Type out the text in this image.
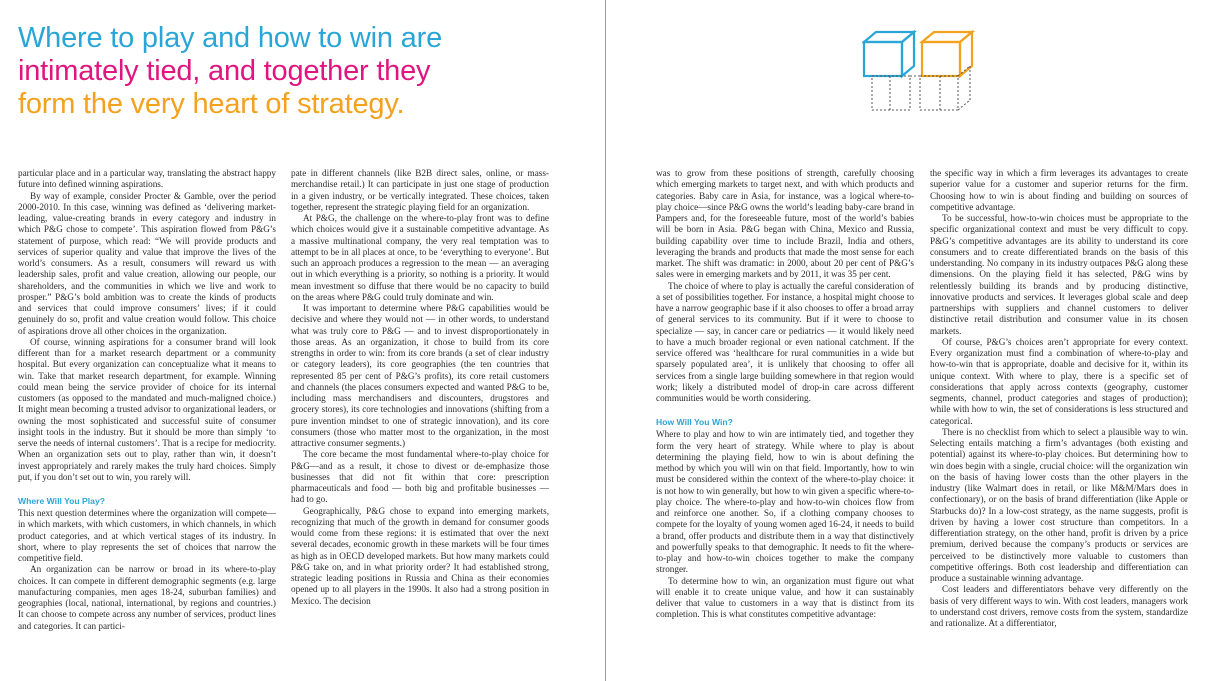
Where to play and how to win are
intimately tied, and together they
form the very heart of strategy.

particular place and in a particular way, translating the abstract happy future into defined winning aspirations.

By way of example, consider Procter & Gamble, over the period 2000-2010. In this case, winning was defined as ‘delivering market-leading, value-creating brands in every category and industry in which P&G chose to compete’. This aspiration flowed from P&G’s statement of purpose, which read: “We will provide products and services of superior quality and value that improve the lives of the world’s consumers. As a result, consumers will reward us with leadership sales, profit and value creation, allowing our people, our shareholders, and the communities in which we live and work to prosper.” P&G’s bold ambition was to create the kinds of products and services that could improve consumers’ lives; if it could genuinely do so, profit and value creation would follow. This choice of aspirations drove all other choices in the organization.

Of course, winning aspirations for a consumer brand will look different than for a market research department or a community hospital. But every organization can conceptualize what it means to win. Take that market research department, for example. Winning could mean being the service provider of choice for its internal customers (as opposed to the mandated and much-maligned choice.) It might mean becoming a trusted advisor to organizational leaders, or owning the most sophisticated and successful suite of consumer insight tools in the industry. But it should be more than simply ‘to serve the needs of internal customers’. That is a recipe for mediocrity. When an organization sets out to play, rather than win, it doesn’t invest appropriately and rarely makes the truly hard choices. Simply put, if you don’t set out to win, you rarely will.

Where Will You Play?

This next question determines where the organization will compete—in which markets, with which customers, in which channels, in which product categories, and at which vertical stages of its industry. In short, where to play represents the set of choices that narrow the competitive field.

An organization can be narrow or broad in its where-to-play choices. It can compete in different demographic segments (e.g. large manufacturing companies, men ages 18-24, suburban families) and geographies (local, national, international, by regions and countries.) It can choose to compete across any number of services, product lines and categories. It can partici-

pate in different channels (like B2B direct sales, online, or mass-merchandise retail.) It can participate in just one stage of production in a given industry, or be vertically integrated. These choices, taken together, represent the strategic playing field for an organization.

At P&G, the challenge on the where-to-play front was to define which choices would give it a sustainable competitive advantage. As a massive multinational company, the very real temptation was to attempt to be in all places at once, to be ‘everything to everyone’. But such an approach produces a regression to the mean — an averaging out in which everything is a priority, so nothing is a priority. It would mean investment so diffuse that there would be no capacity to build on the areas where P&G could truly dominate and win.

It was important to determine where P&G capabilities would be decisive and where they would not — in other words, to understand what was truly core to P&G — and to invest disproportionately in those areas. As an organization, it chose to build from its core strengths in order to win: from its core brands (a set of clear industry or category leaders), its core geographies (the ten countries that represented 85 per cent of P&G’s profits), its core retail customers and channels (the places consumers expected and wanted P&G to be, including mass merchandisers and discounters, drugstores and grocery stores), its core technologies and innovations (shifting from a pure invention mindset to one of strategic innovation), and its core consumers (those who matter most to the organization, in the most attractive consumer segments.)

The core became the most fundamental where-to-play choice for P&G—and as a result, it chose to divest or de-emphasize those businesses that did not fit within that core: prescription pharmaceuticals and food — both big and profitable businesses — had to go.

Geographically, P&G chose to expand into emerging markets, recognizing that much of the growth in demand for consumer goods would come from these regions: it is estimated that over the next several decades, economic growth in these markets will be four times as high as in OECD developed markets. But how many markets could P&G take on, and in what priority order? It had established strong, strategic leading positions in Russia and China as their economies opened up to all players in the 1990s. It also had a strong position in Mexico. The decision

was to grow from these positions of strength, carefully choosing which emerging markets to target next, and with which products and categories. Baby care in Asia, for instance, was a logical where-to-play choice—since P&G owns the world’s leading baby-care brand in Pampers and, for the foreseeable future, most of the world’s babies will be born in Asia. P&G began with China, Mexico and Russia, building capability over time to include Brazil, India and others, leveraging the brands and products that made the most sense for each market. The shift was dramatic: in 2000, about 20 per cent of P&G’s sales were in emerging markets and by 2011, it was 35 per cent.

The choice of where to play is actually the careful consideration of a set of possibilities together. For instance, a hospital might choose to have a narrow geographic base if it also chooses to offer a broad array of general services to its community. But if it were to choose to specialize — say, in cancer care or pediatrics — it would likely need to have a much broader regional or even national catchment. If the service offered was ‘healthcare for rural communities in a wide but sparsely populated area’, it is unlikely that choosing to offer all services from a single large building somewhere in that region would work; likely a distributed model of drop-in care across different communities would be worth considering.

How Will You Win?

Where to play and how to win are intimately tied, and together they form the very heart of strategy. While where to play is about determining the playing field, how to win is about defining the method by which you will win on that field. Importantly, how to win must be considered within the context of the where-to-play choice: it is not how to win generally, but how to win given a specific where-to-play choice. The where-to-play and how-to-win choices flow from and reinforce one another. So, if a clothing company chooses to compete for the loyalty of young women aged 16-24, it needs to build a brand, offer products and distribute them in a way that distinctively and powerfully speaks to that demographic. It needs to fit the where-to-play and how-to-win choices together to make the company stronger.

To determine how to win, an organization must figure out what will enable it to create unique value, and how it can sustainably deliver that value to customers in a way that is distinct from its completion. This is what constitutes competitive advantage:

the specific way in which a firm leverages its advantages to create superior value for a customer and superior returns for the firm. Choosing how to win is about finding and building on sources of competitive advantage.

To be successful, how-to-win choices must be appropriate to the specific organizational context and must be very difficult to copy. P&G’s competitive advantages are its ability to understand its core consumers and to create differentiated brands on the basis of this understanding. No company in its industry outpaces P&G along these dimensions. On the playing field it has selected, P&G wins by relentlessly building its brands and by producing distinctive, innovative products and services. It leverages global scale and deep partnerships with suppliers and channel customers to deliver distinctive retail distribution and consumer value in its chosen markets.

Of course, P&G’s choices aren’t appropriate for every context. Every organization must find a combination of where-to-play and how-to-win that is appropriate, doable and decisive for it, within its unique context. With where to play, there is a specific set of considerations that apply across contexts (geography, customer segments, channel, product categories and stages of production); while with how to win, the set of considerations is less structured and categorical.

There is no checklist from which to select a plausible way to win. Selecting entails matching a firm’s advantages (both existing and potential) against its where-to-play choices. But determining how to win does begin with a single, crucial choice: will the organization win on the basis of having lower costs than the other players in the industry (like Walmart does in retail, or like M&M/Mars does in confectionary), or on the basis of brand differentiation (like Apple or Starbucks do)? In a low-cost strategy, as the name suggests, profit is driven by having a lower cost structure than competitors. In a differentiation strategy, on the other hand, profit is driven by a price premium, derived because the company’s products or services are perceived to be distinctively more valuable to customers than competitive offerings. Both cost leadership and differentiation can produce a sustainable winning advantage.

Cost leaders and differentiators behave very differently on the basis of very different ways to win. With cost leaders, managers work to understand cost drivers, remove costs from the system, standardize and rationalize. At a differentiator,
